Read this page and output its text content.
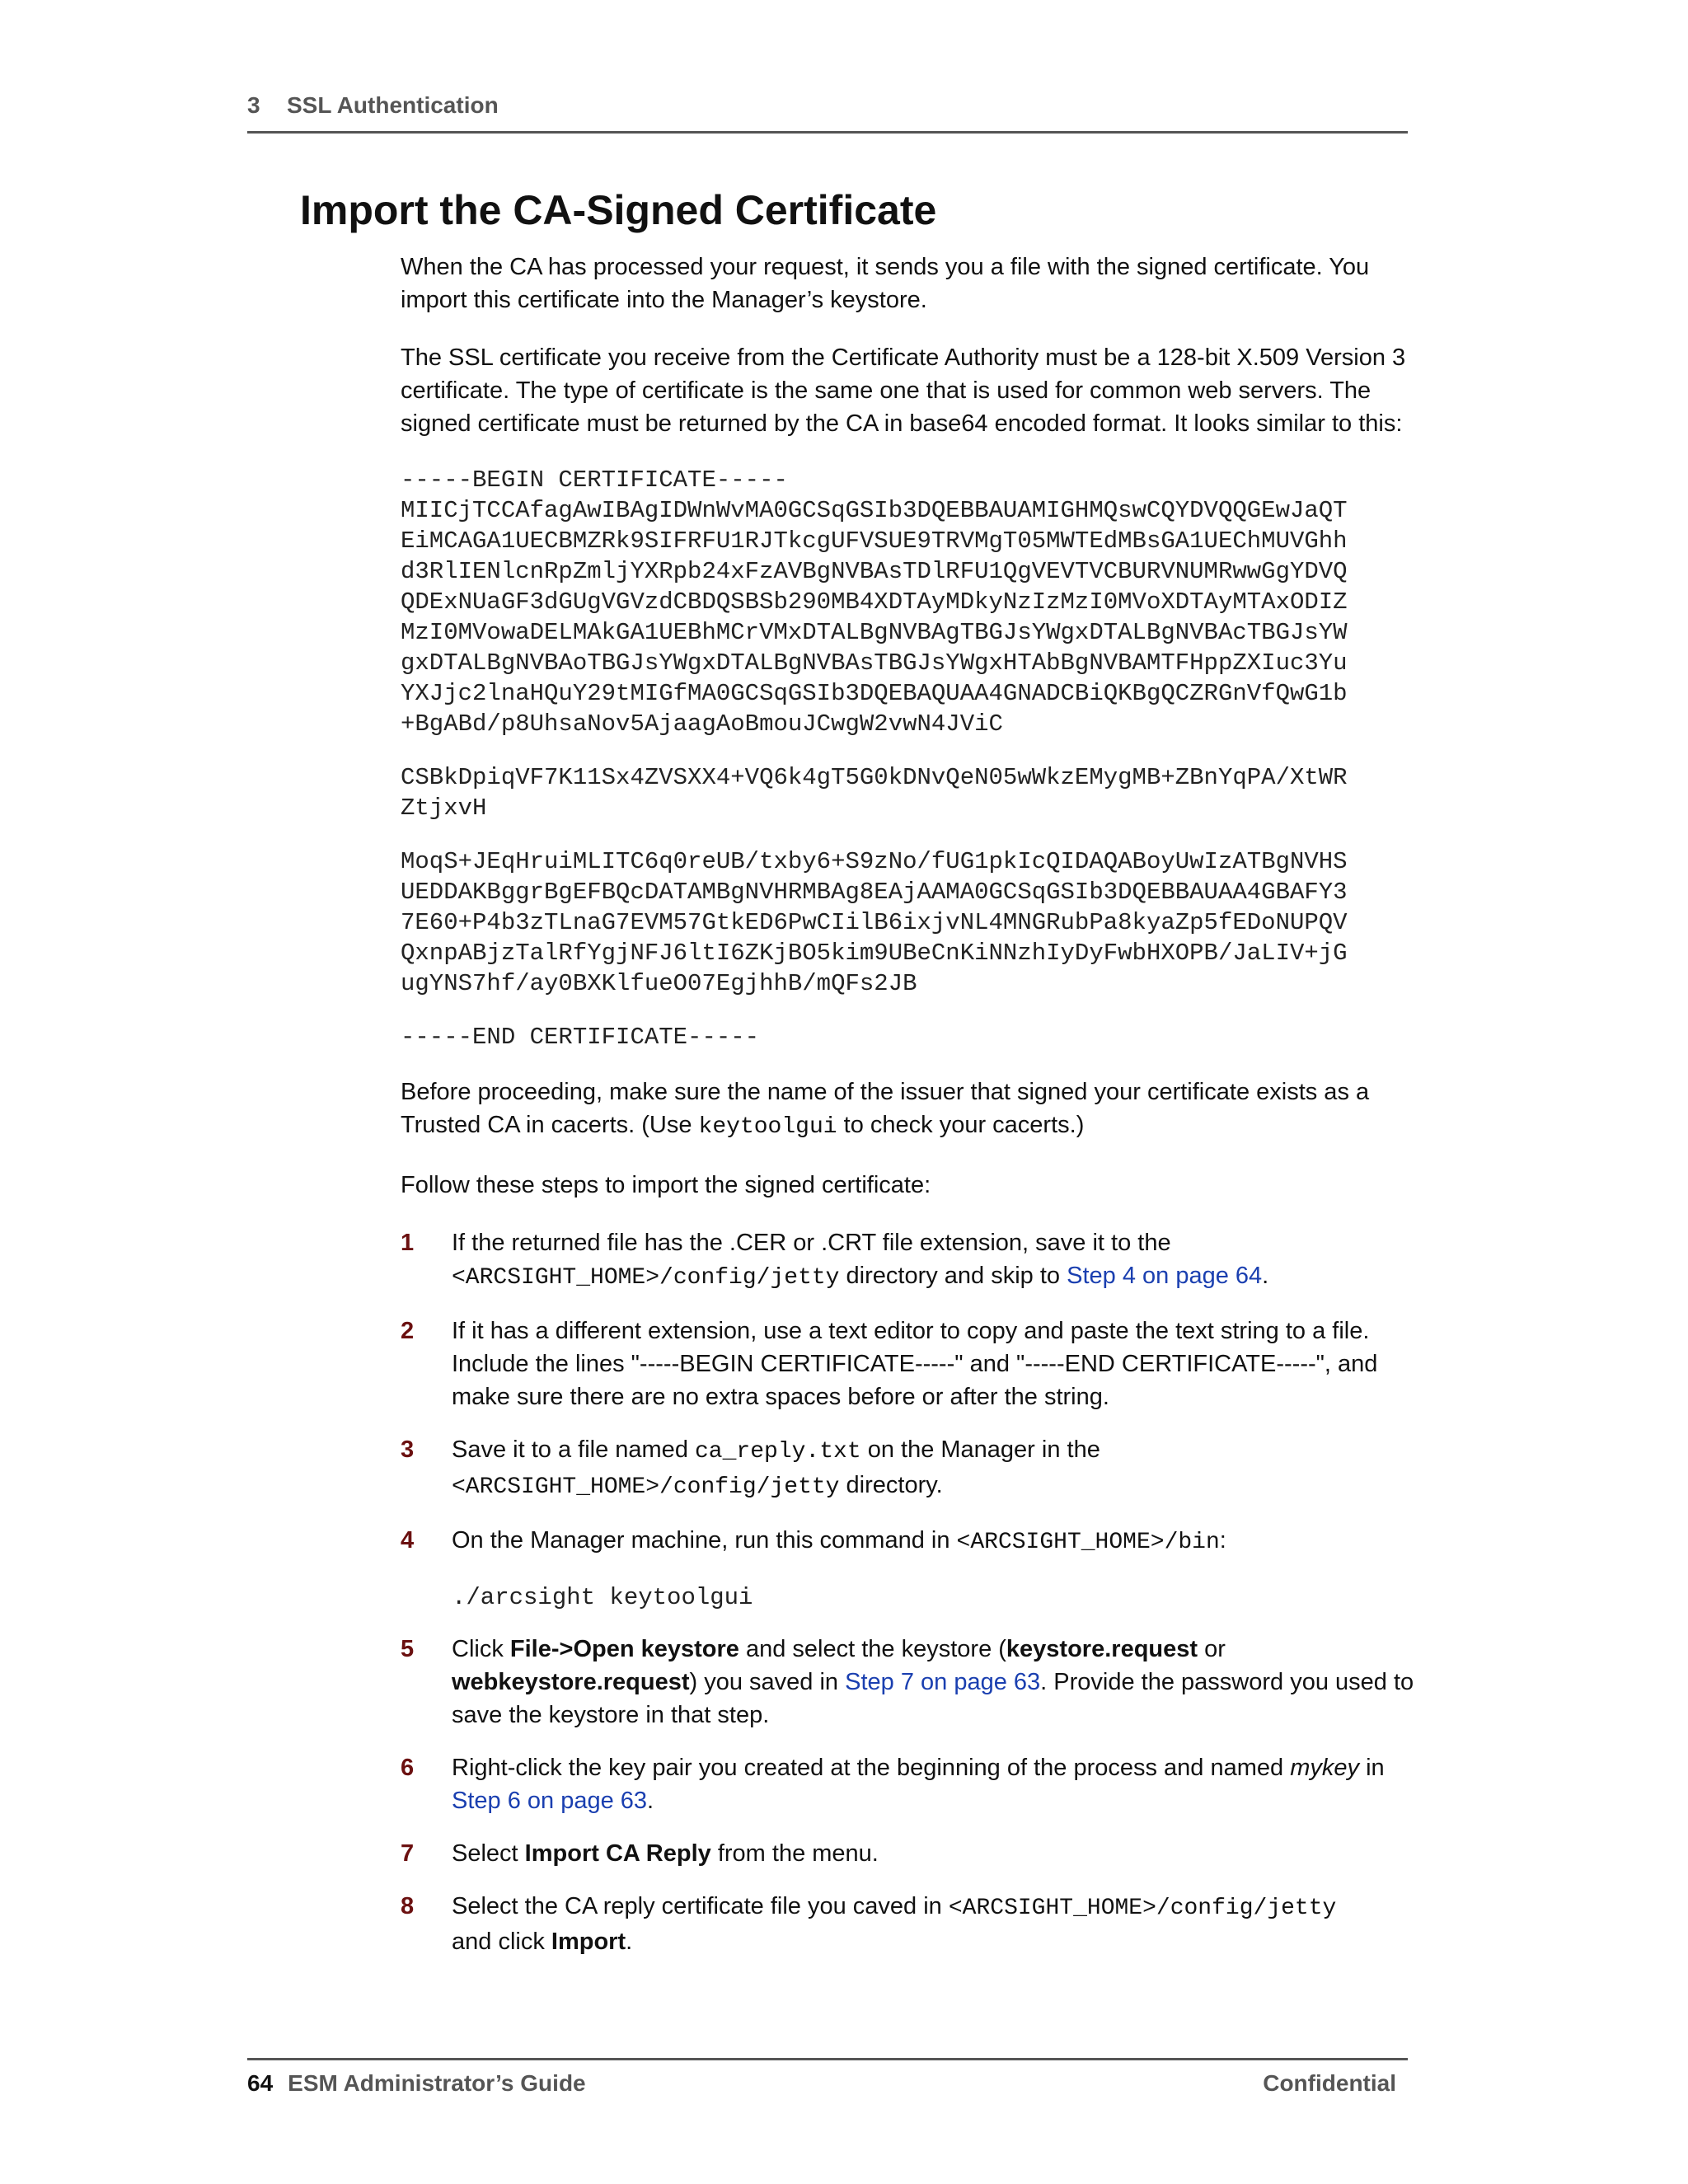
3 SSL Authentication
Import the CA-Signed Certificate

When the CA has processed your request, it sends you a file with the signed certificate. You import this certificate into the Manager’s keystore.

The SSL certificate you receive from the Certificate Authority must be a 128-bit X.509 Version 3 certificate. The type of certificate is the same one that is used for common web servers. The signed certificate must be returned by the CA in base64 encoded format. It looks similar to this:

-----BEGIN CERTIFICATE-----
MIICjTCCAfagAwIBAgIDWnWvMA0GCSqGSIb3DQEBBAUAMIGHMQswCQYDVQQGEwJaQT
EiMCAGA1UECBMZRk9SIFRFU1RJTkcgUFVSUE9TRVMgT05MWTEdMBsGA1UEChMUVGhh
d3RlIENlcnRpZmljYXRpb24xFzAVBgNVBAsTDlRFU1QgVEVTVCBURVNUMRwwGgYDVQ
QDExNUaGF3dGUgVGVzdCBDQSBSb290MB4XDTAyMDkyNzIzMzI0MVoXDTAyMTAxODIZ
MzI0MVowaDELMAkGA1UEBhMCrVMxDTALBgNVBAgTBGJsYWgxDTALBgNVBAcTBGJsYW
gxDTALBgNVBAoTBGJsYWgxDTALBgNVBAsTBGJsYWgxHTAbBgNVBAMTFHppZXIuc3Yu
YXJjc2lnaHQuY29tMIGfMA0GCSqGSIb3DQEBAQUAA4GNADCBiQKBgQCZRGnVfQwG1b
+BgABd/p8UhsaNov5AjaagAoBmouJCwgW2vwN4JViC
CSBkDpiqVF7K11Sx4ZVSXX4+VQ6k4gT5G0kDNvQeN05wWkzEMygMB+ZBnYqPA/XtWR
ZtjxvH
MoqS+JEqHruiMLITC6q0reUB/txby6+S9zNo/fUG1pkIcQIDAQABoyUwIzATBgNVHS
UEDDAKBggrBgEFBQcDATAMBgNVHRMBAg8EAjAAMA0GCSqGSIb3DQEBBAUAA4GBAFY3
7E60+P4b3zTLnaG7EVM57GtkED6PwCIilB6ixjvNL4MNGRubPa8kyaZp5fEDoNUPQV
QxnpABjzTalRfYgjNFJ6ltI6ZKjBO5kim9UBeCnKiNNzhIyDyFwbHXOPB/JaLIV+jG
ugYNS7hf/ay0BXKlfueO07EgjhhB/mQFs2JB
-----END CERTIFICATE-----

Before proceeding, make sure the name of the issuer that signed your certificate exists as a Trusted CA in cacerts. (Use keytoolgui to check your cacerts.)

Follow these steps to import the signed certificate:

1 If the returned file has the .CER or .CRT file extension, save it to the <ARCSIGHT_HOME>/config/jetty directory and skip to Step 4 on page 64.
2 If it has a different extension, use a text editor to copy and paste the text string to a file. Include the lines "-----BEGIN CERTIFICATE-----" and "-----END CERTIFICATE-----", and make sure there are no extra spaces before or after the string.
3 Save it to a file named ca_reply.txt on the Manager in the
<ARCSIGHT_HOME>/config/jetty directory.
4 On the Manager machine, run this command in <ARCSIGHT_HOME>/bin:
./arcsight keytoolgui
5 Click File->Open keystore and select the keystore (keystore.request or webkeystore.request) you saved in Step 7 on page 63. Provide the password you used to save the keystore in that step.
6 Right-click the key pair you created at the beginning of the process and named mykey in Step 6 on page 63.
7 Select Import CA Reply from the menu.
8 Select the CA reply certificate file you caved in <ARCSIGHT_HOME>/config/jetty
and click Import.
64 ESM Administrator’s Guide	Confidential
